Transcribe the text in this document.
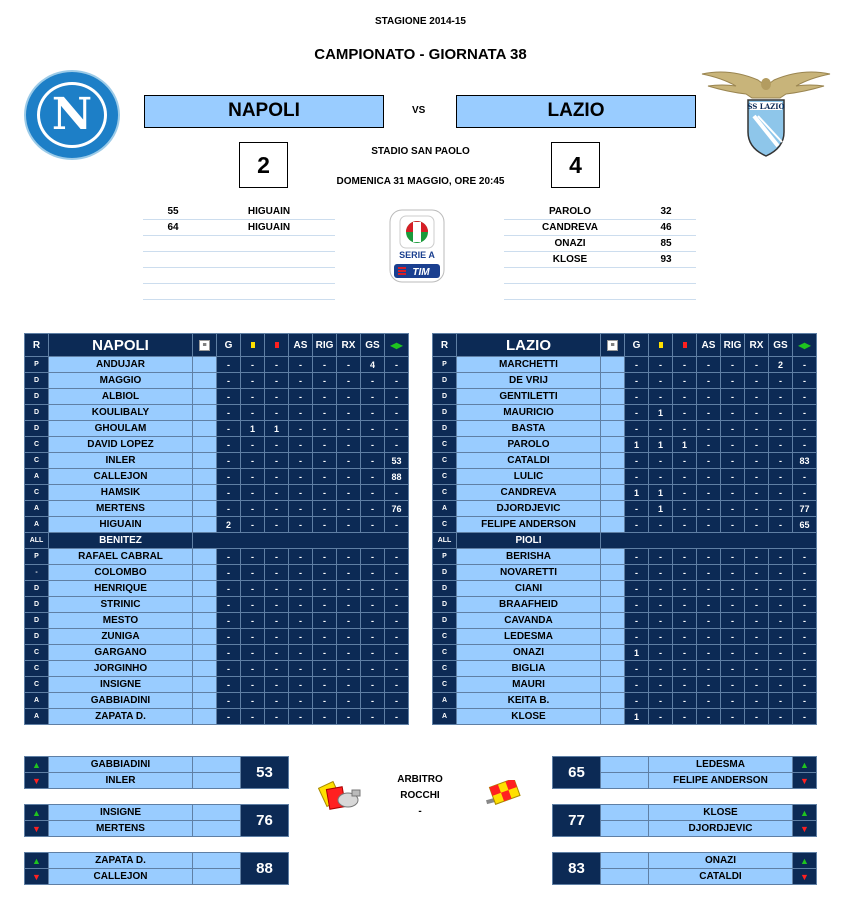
STAGIONE 2014-15
CAMPIONATO - GIORNATA 38
N	SS LAZIO
NAPOLI	VS	LAZIO
2	4
STADIO SAN PAOLO
DOMENICA 31 MAGGIO, ORE 20:45
55	HIGUAIN
64	HIGUAIN
PAROLO	32
CANDREVA	46
ONAZI	85
KLOSE	93
SERIE A
TIM
R	NAPOLI	≡	G			AS	RIG	RX	GS	◀▶
P	ANDUJAR		-	-	-	-	-	-	4	-
D	MAGGIO		-	-	-	-	-	-	-	-
D	ALBIOL		-	-	-	-	-	-	-	-
D	KOULIBALY		-	-	-	-	-	-	-	-
D	GHOULAM		-	1	1	-	-	-	-	-
C	DAVID LOPEZ		-	-	-	-	-	-	-	-
C	INLER		-	-	-	-	-	-	-	53
A	CALLEJON		-	-	-	-	-	-	-	88
C	HAMSIK		-	-	-	-	-	-	-	-
A	MERTENS		-	-	-	-	-	-	-	76
A	HIGUAIN		2	-	-	-	-	-	-	-
ALL	BENITEZ									
P	RAFAEL CABRAL		-	-	-	-	-	-	-	-
-	COLOMBO		-	-	-	-	-	-	-	-
D	HENRIQUE		-	-	-	-	-	-	-	-
D	STRINIC		-	-	-	-	-	-	-	-
D	MESTO		-	-	-	-	-	-	-	-
D	ZUNIGA		-	-	-	-	-	-	-	-
C	GARGANO		-	-	-	-	-	-	-	-
C	JORGINHO		-	-	-	-	-	-	-	-
C	INSIGNE		-	-	-	-	-	-	-	-
A	GABBIADINI		-	-	-	-	-	-	-	-
A	ZAPATA D.		-	-	-	-	-	-	-	-
R	LAZIO	≡	G			AS	RIG	RX	GS	◀▶
P	MARCHETTI		-	-	-	-	-	-	2	-
D	DE VRIJ		-	-	-	-	-	-	-	-
D	GENTILETTI		-	-	-	-	-	-	-	-
D	MAURICIO		-	1	-	-	-	-	-	-
D	BASTA		-	-	-	-	-	-	-	-
C	PAROLO		1	1	1	-	-	-	-	-
C	CATALDI		-	-	-	-	-	-	-	83
C	LULIC		-	-	-	-	-	-	-	-
C	CANDREVA		1	1	-	-	-	-	-	-
A	DJORDJEVIC		-	1	-	-	-	-	-	77
C	FELIPE ANDERSON		-	-	-	-	-	-	-	65
ALL	PIOLI									
P	BERISHA		-	-	-	-	-	-	-	-
D	NOVARETTI		-	-	-	-	-	-	-	-
D	CIANI		-	-	-	-	-	-	-	-
D	BRAAFHEID		-	-	-	-	-	-	-	-
D	CAVANDA		-	-	-	-	-	-	-	-
C	LEDESMA		-	-	-	-	-	-	-	-
C	ONAZI		1	-	-	-	-	-	-	-
C	BIGLIA		-	-	-	-	-	-	-	-
C	MAURI		-	-	-	-	-	-	-	-
A	KEITA B.		-	-	-	-	-	-	-	-
A	KLOSE		1	-	-	-	-	-	-	-
▲	GABBIADINI		53
▼	INLER		
▲	INSIGNE		76
▼	MERTENS		
▲	ZAPATA D.		88
▼	CALLEJON		
65		LEDESMA	▲
		FELIPE ANDERSON	▼
77		KLOSE	▲
		DJORDJEVIC	▼
83		ONAZI	▲
		CATALDI	▼
ARBITRO
ROCCHI
-
